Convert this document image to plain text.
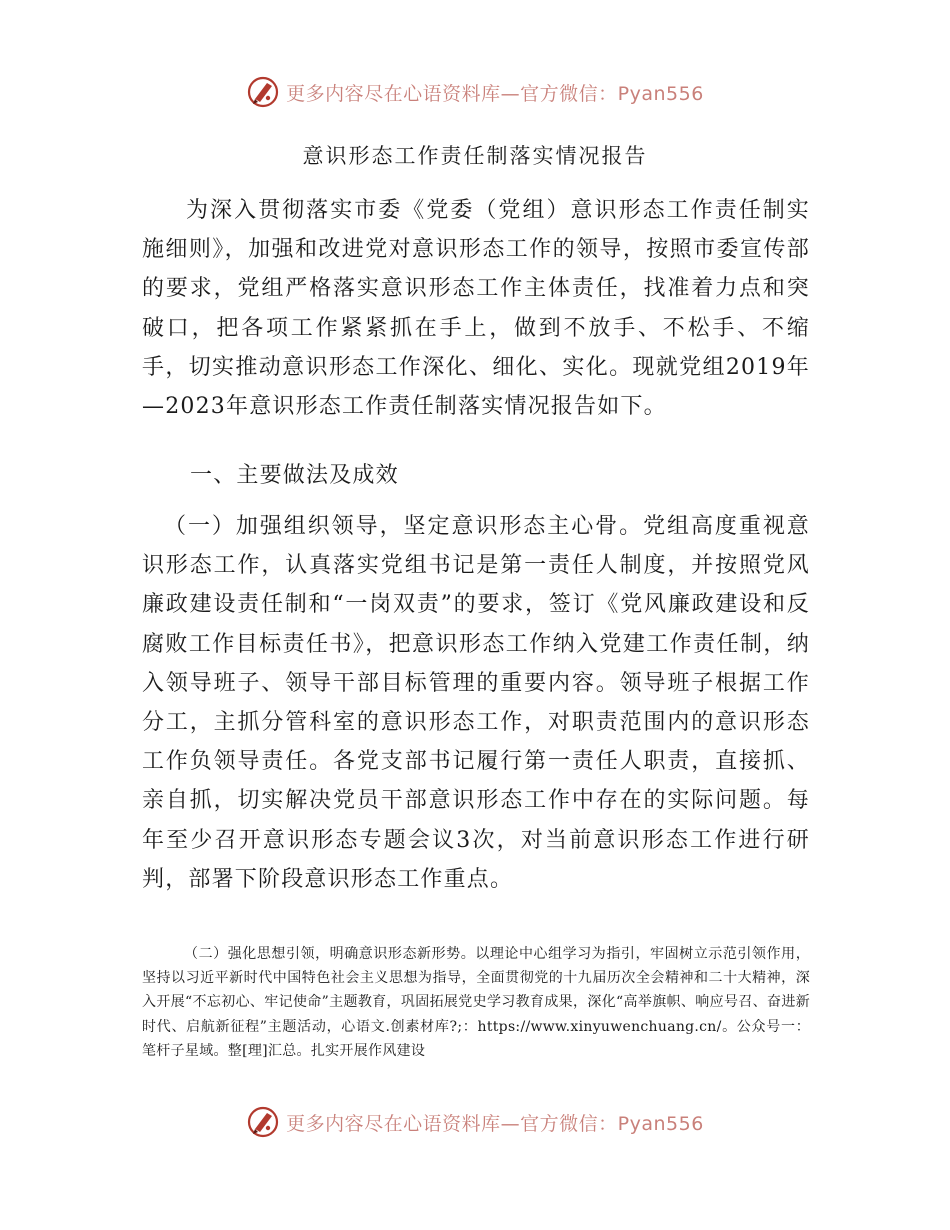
更多内容尽在心语资料库—官方微信：Pyan556
意识形态工作责任制落实情况报告
为深入贯彻落实市委《党委（党组）意识形态工作责任制实施细则》，加强和改进党对意识形态工作的领导，按照市委宣传部的要求，党组严格落实意识形态工作主体责任，找准着力点和突破口，把各项工作紧紧抓在手上，做到不放手、不松手、不缩手，切实推动意识形态工作深化、细化、实化。现就党组2019年—2023年意识形态工作责任制落实情况报告如下。
一、主要做法及成效
（一）加强组织领导，坚定意识形态主心骨。党组高度重视意识形态工作，认真落实党组书记是第一责任人制度，并按照党风廉政建设责任制和“一岗双责”的要求，签订《党风廉政建设和反腐败工作目标责任书》，把意识形态工作纳入党建工作责任制，纳入领导班子、领导干部目标管理的重要内容。领导班子根据工作分工，主抓分管科室的意识形态工作，对职责范围内的意识形态工作负领导责任。各党支部书记履行第一责任人职责，直接抓、亲自抓，切实解决党员干部意识形态工作中存在的实际问题。每年至少召开意识形态专题会议3次，对当前意识形态工作进行研判，部署下阶段意识形态工作重点。
（二）强化思想引领，明确意识形态新形势。以理论中心组学习为指引，牢固树立示范引领作用，坚持以习近平新时代中国特色社会主义思想为指导，全面贯彻党的十九届历次全会精神和二十大精神，深入开展“不忘初心、牢记使命”主题教育，巩固拓展党史学习教育成果，深化“高举旗帜、响应号召、奋进新时代、启航新征程”主题活动，心语文.创素材库?;：https://www.xinyuwenchuang.cn/。公众号一：笔杆子星域。整[理]汇总。扎实开展作风建设
更多内容尽在心语资料库—官方微信：Pyan556
